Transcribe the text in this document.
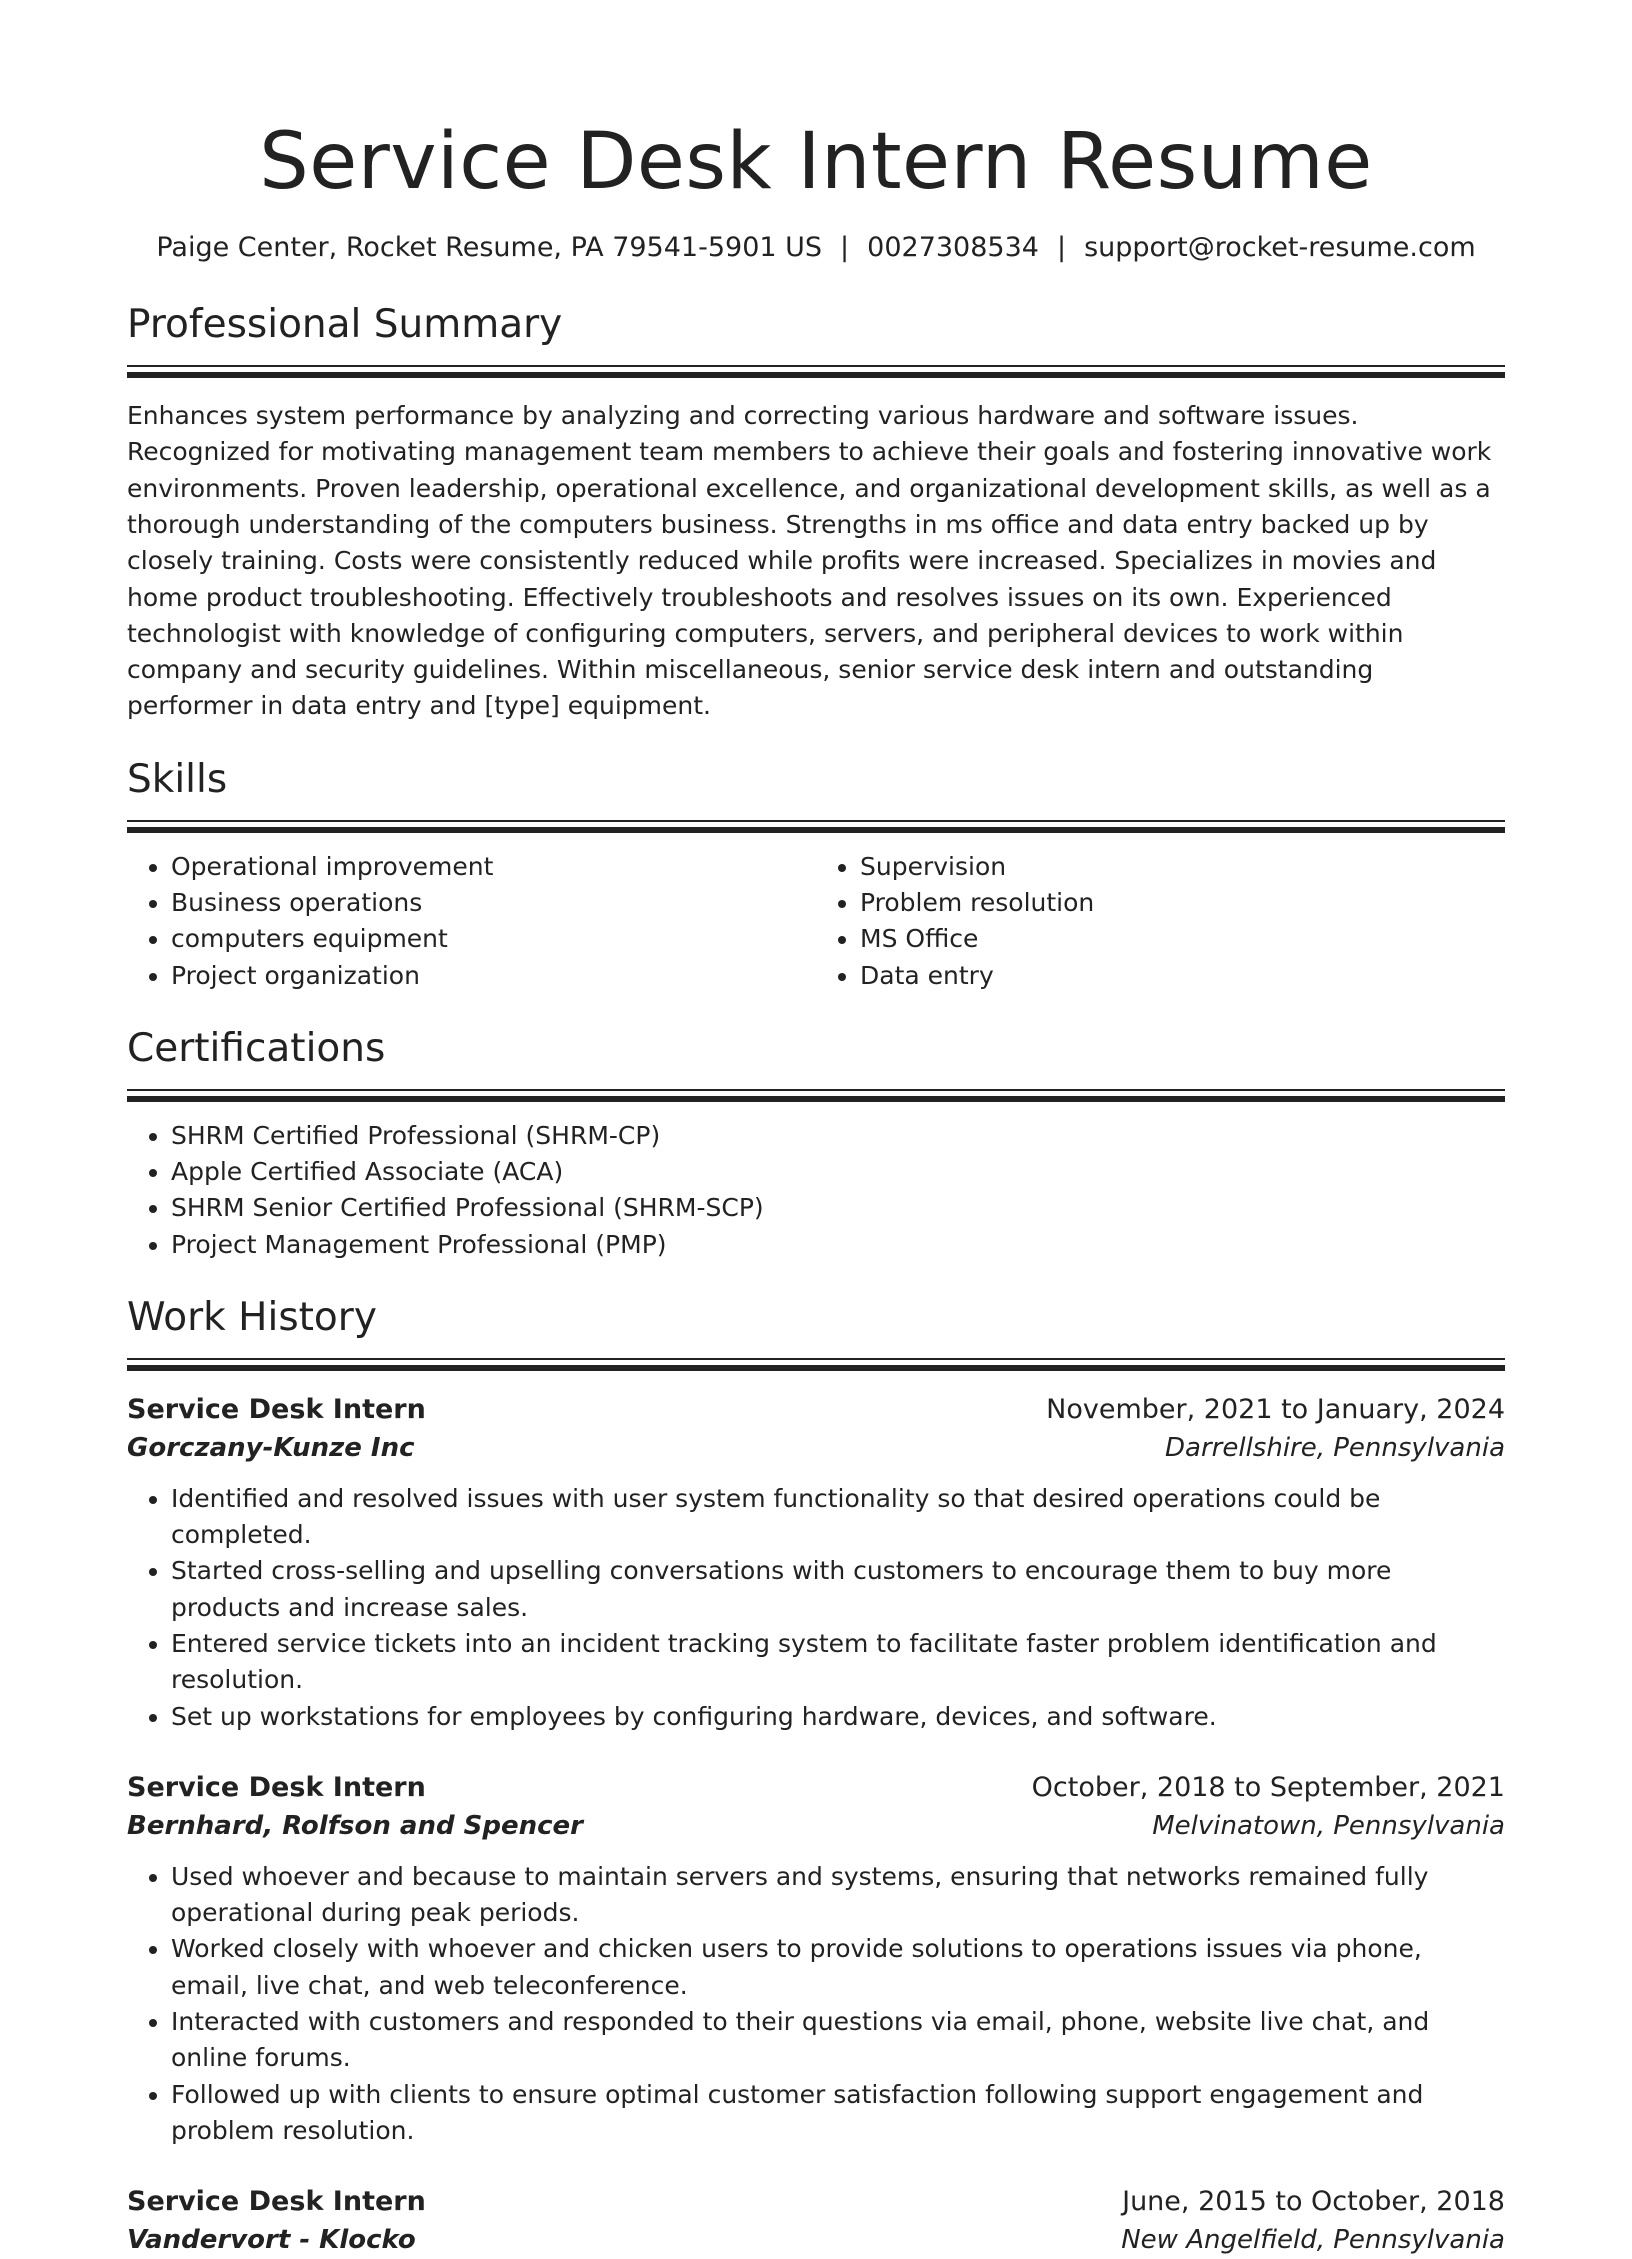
Service Desk Intern Resume
Paige Center, Rocket Resume, PA 79541-5901 US | 0027308534 | support@rocket-resume.com
Professional Summary
Enhances system performance by analyzing and correcting various hardware and software issues. Recognized for motivating management team members to achieve their goals and fostering innovative work environments. Proven leadership, operational excellence, and organizational development skills, as well as a thorough understanding of the computers business. Strengths in ms office and data entry backed up by closely training. Costs were consistently reduced while profits were increased. Specializes in movies and home product troubleshooting. Effectively troubleshoots and resolves issues on its own. Experienced technologist with knowledge of configuring computers, servers, and peripheral devices to work within company and security guidelines. Within miscellaneous, senior service desk intern and outstanding performer in data entry and [type] equipment.
Skills
• Operational improvement
• Business operations
• computers equipment
• Project organization
• Supervision
• Problem resolution
• MS Office
• Data entry
Certifications
• SHRM Certified Professional (SHRM-CP)
• Apple Certified Associate (ACA)
• SHRM Senior Certified Professional (SHRM-SCP)
• Project Management Professional (PMP)
Work History
Service Desk Intern	November, 2021 to January, 2024
Gorczany-Kunze Inc	Darrellshire, Pennsylvania
• Identified and resolved issues with user system functionality so that desired operations could be completed.
• Started cross-selling and upselling conversations with customers to encourage them to buy more products and increase sales.
• Entered service tickets into an incident tracking system to facilitate faster problem identification and resolution.
• Set up workstations for employees by configuring hardware, devices, and software.
Service Desk Intern	October, 2018 to September, 2021
Bernhard, Rolfson and Spencer	Melvinatown, Pennsylvania
• Used whoever and because to maintain servers and systems, ensuring that networks remained fully operational during peak periods.
• Worked closely with whoever and chicken users to provide solutions to operations issues via phone, email, live chat, and web teleconference.
• Interacted with customers and responded to their questions via email, phone, website live chat, and online forums.
• Followed up with clients to ensure optimal customer satisfaction following support engagement and problem resolution.
Service Desk Intern	June, 2015 to October, 2018
Vandervort - Klocko	New Angelfield, Pennsylvania
